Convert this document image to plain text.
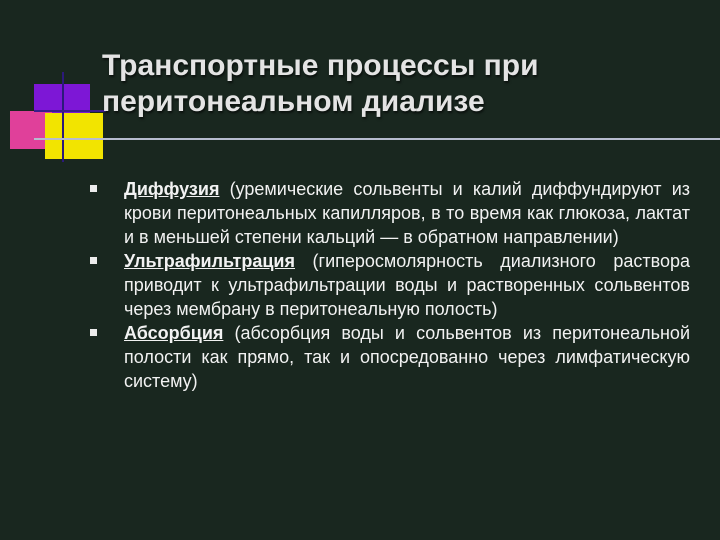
Транспортные процессы при
перитонеальном диализе
Диффузия (уремические сольвенты и калий диффундируют из крови перитонеальных капилляров, в то время как глюкоза, лактат и в меньшей степени кальций — в обратном направлении)
Ультрафильтрация (гиперосмолярность диализного раствора приводит к ультрафильтрации воды и растворенных сольвентов через мембрану в перитонеальную полость)
Абсорбция (абсорбция воды и сольвентов из перитонеальной полости как прямо, так и опосредованно через лимфатическую систему)
